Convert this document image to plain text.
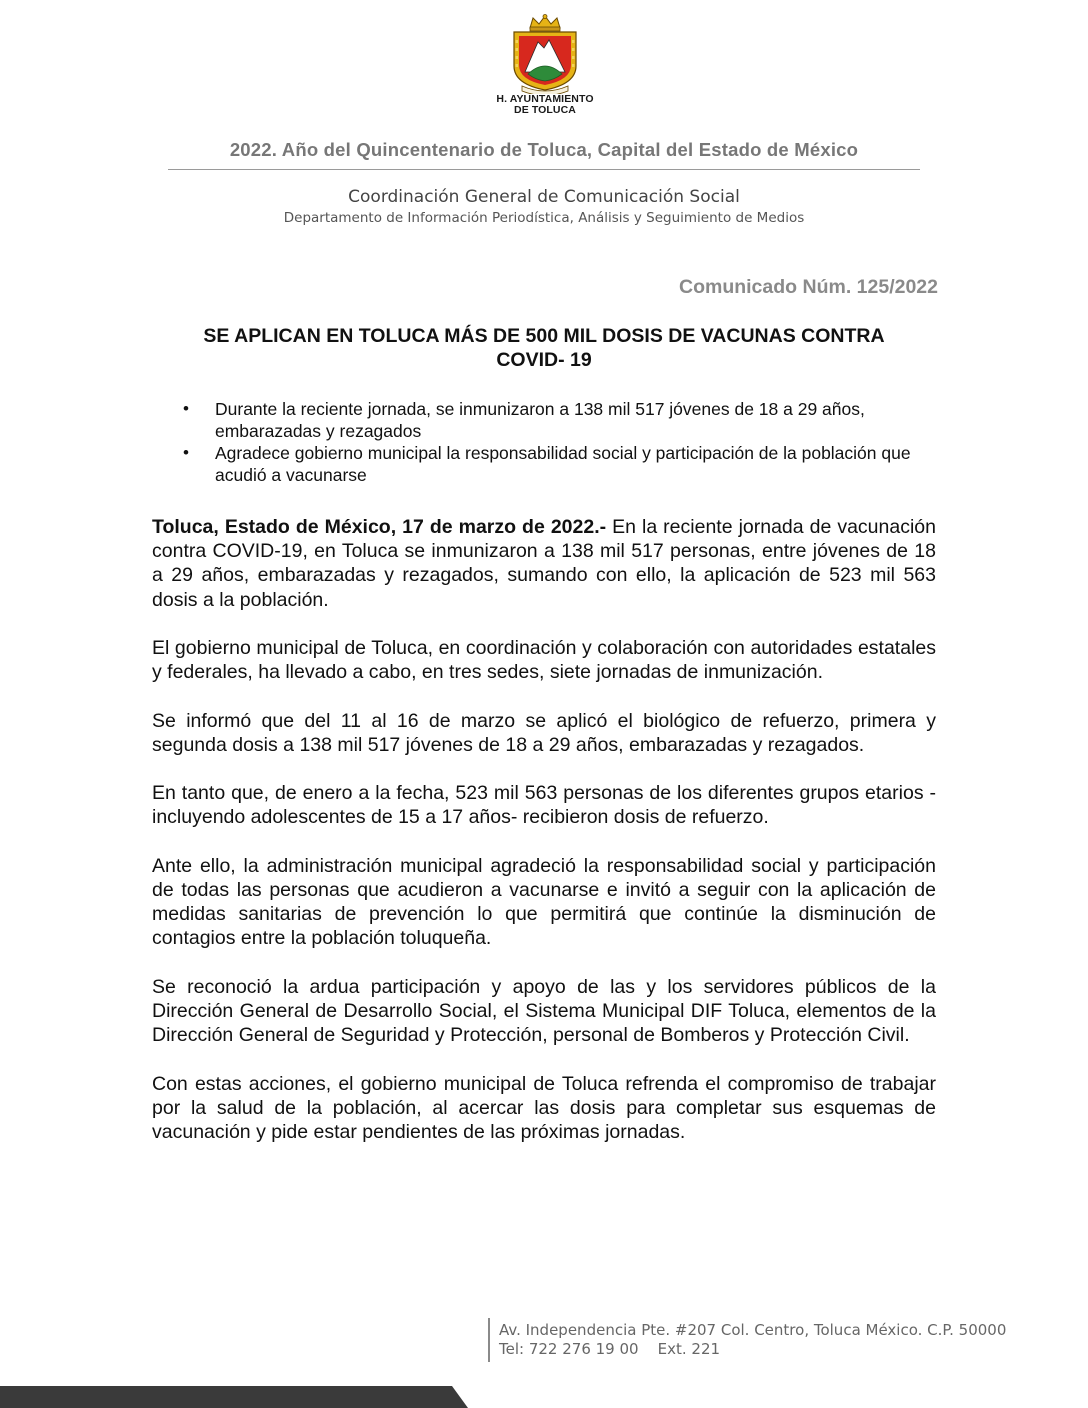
H. AYUNTAMIENTO
DE TOLUCA
2022. Año del Quincentenario de Toluca, Capital del Estado de México
Coordinación General de Comunicación Social
Departamento de Información Periodística, Análisis y Seguimiento de Medios
Comunicado Núm. 125/2022
SE APLICAN EN TOLUCA MÁS DE 500 MIL DOSIS DE VACUNAS CONTRA
COVID- 19
• Durante la reciente jornada, se inmunizaron a 138 mil 517 jóvenes de 18 a 29 años, embarazadas y rezagados
• Agradece gobierno municipal la responsabilidad social y participación de la población que acudió a vacunarse

Toluca, Estado de México, 17 de marzo de 2022.- En la reciente jornada de vacunación contra COVID-19, en Toluca se inmunizaron a 138 mil 517 personas, entre jóvenes de 18 a 29 años, embarazadas y rezagados, sumando con ello, la aplicación de 523 mil 563 dosis a la población.

El gobierno municipal de Toluca, en coordinación y colaboración con autoridades estatales y federales, ha llevado a cabo, en tres sedes, siete jornadas de inmunización.

Se informó que del 11 al 16 de marzo se aplicó el biológico de refuerzo, primera y segunda dosis a 138 mil 517 jóvenes de 18 a 29 años, embarazadas y rezagados.

En tanto que, de enero a la fecha, 523 mil 563 personas de los diferentes grupos etarios -incluyendo adolescentes de 15 a 17 años- recibieron dosis de refuerzo.

Ante ello, la administración municipal agradeció la responsabilidad social y participación de todas las personas que acudieron a vacunarse e invitó a seguir con la aplicación de medidas sanitarias de prevención lo que permitirá que continúe la disminución de contagios entre la población toluqueña.

Se reconoció la ardua participación y apoyo de las y los servidores públicos de la Dirección General de Desarrollo Social, el Sistema Municipal DIF Toluca, elementos de la Dirección General de Seguridad y Protección, personal de Bomberos y Protección Civil.

Con estas acciones, el gobierno municipal de Toluca refrenda el compromiso de trabajar por la salud de la población, al acercar las dosis para completar sus esquemas de vacunación y pide estar pendientes de las próximas jornadas.

Av. Independencia Pte. #207 Col. Centro, Toluca México. C.P. 50000
Tel: 722 276 19 00    Ext. 221
